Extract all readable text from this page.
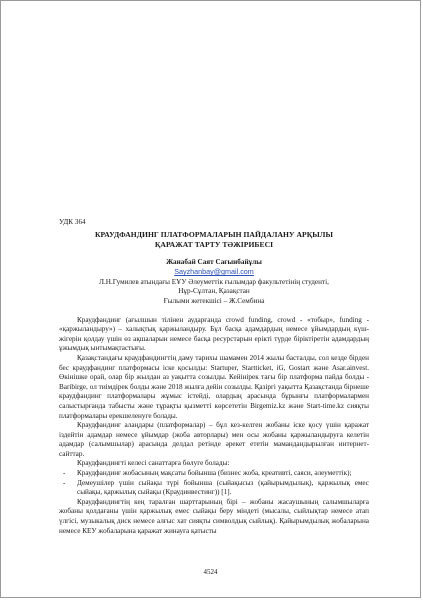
УДК 364

КРАУДФАНДИНГ ПЛАТФОРМАЛАРЫН ПАЙДАЛАНУ АРҚЫЛЫ
ҚАРАЖАТ ТАРТУ ТӘЖІРИБЕСІ

Жанабай Саят Сағынбайұлы

Sayzhanbay@gmail.com

Л.Н.Гумилев атындағы ЕҰУ Әлеуметтік ғылымдар факультетінің студенті,

Нұр-Сұлтан, Қазақстан

Ғылыми жетекшісі – Ж.Сембина

Краудфандинг (ағылшын тілінен аударғанда crowd funding, crowd - «тобыр», funding - «қаржыландыру») – халықтық қаржыландыру. Бұл басқа адамдардың немесе ұйымдардың күш-жігерін қолдау үшін өз ақшаларын немесе басқа ресурстарын ерікті түрде біріктіретін адамдардың ұжымдық ынтымақтастығы.

Қазақстандағы краудфандингтің даму тарихы шамамен 2014 жылы басталды, сол кезде бірден бес краудфандинг платформасы іске қосылды: Startuper, Starttiсket, iG, Gostart және Asar.ainvest. Өкінішке орай, олар бір жылдан аз уақытта созылды. Кейінірек тағы бір платформа пайда болды - Baribirge, ол тиімдірек болды және 2018 жылға дейін созылды. Қазіргі уақытта Қазақстанда бірнеше краудфандинг платформалары жұмыс істейді, олардың арасында бұрынғы платформалармен салыстырғанда табысты және тұрақты қызметті көрсететін Birgemiz.kz және Start-time.kz сияқты платформалары ерекшеленуге болады.

Краудфандинг алаңдары (платформалар) – бұл кез-келген жобаны іске қосу үшін қаражат іздейтін адамдар немесе ұйымдар (жоба авторлары) мен осы жобаны қаржыландыруға келетін адамдар (салымшылар) арасында делдал ретінде әрекет ететін мамандандырылған интернет-сайттар.

Краудфандингті келесі санаттарға бөлуге болады:

-	Краудфандинг жобасының мақсаты бойынша (бизнес жоба, креативті, саяси, әлеуметтік);
-	Демеушілер үшін сыйақы түрі бойынша (сыйақысыз (қайырымдылық), қаржылық емес сыйақы, қаржылық сыйақы (Краудинвестинг)) [1].

Краудфандингтің кең таралған шарттарының бірі – жобаны жасаушының салымшыларға жобаны қолдағаны үшін қаржылық емес сыйақы беру міндеті (мысалы, сыйлықтар немесе атап үлгісі, музыкалық диск немесе алғыс хат сияқты символдық сыйлық). Қайырымдылық жобаларына немесе КЕУ жобаларына қаражат жинауға қатысты

4524
